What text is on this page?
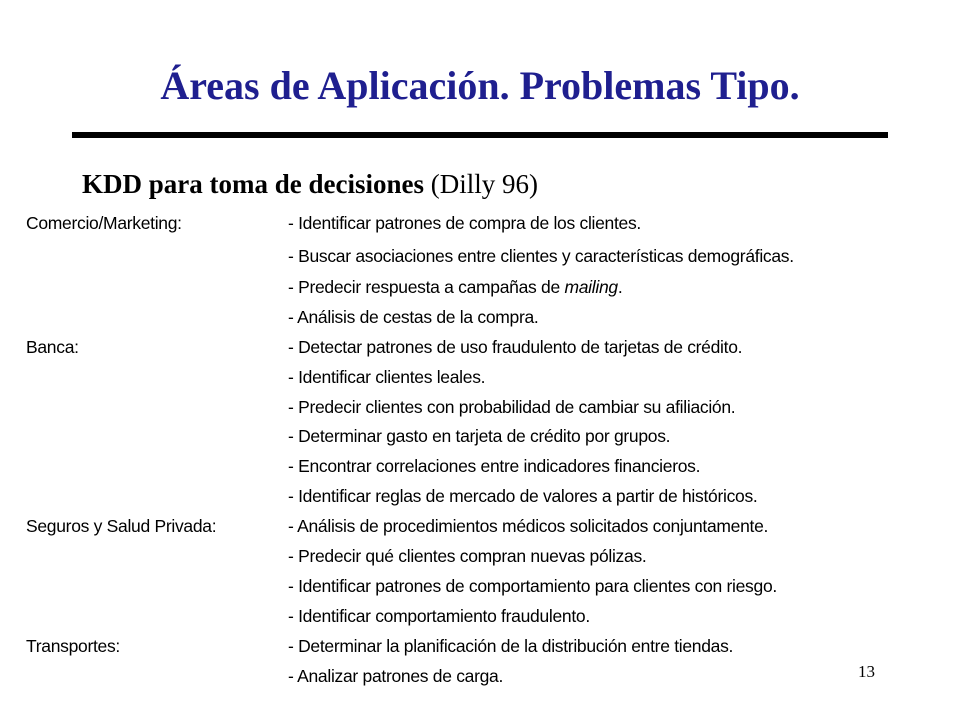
Áreas de Aplicación. Problemas Tipo.
KDD para toma de decisiones (Dilly 96)
Comercio/Marketing:	- Identificar patrones de compra de los clientes.
- Buscar asociaciones entre clientes y características demográficas.
- Predecir respuesta a campañas de mailing.
- Análisis de cestas de la compra.
Banca:	- Detectar patrones de uso fraudulento de tarjetas de crédito.
- Identificar clientes leales.
- Predecir clientes con probabilidad de cambiar su afiliación.
- Determinar gasto en tarjeta de crédito por grupos.
- Encontrar correlaciones entre indicadores financieros.
- Identificar reglas de mercado de valores a partir de históricos.
Seguros y Salud Privada:	- Análisis de procedimientos médicos solicitados conjuntamente.
- Predecir qué clientes compran nuevas pólizas.
- Identificar patrones de comportamiento para clientes con riesgo.
- Identificar comportamiento fraudulento.
Transportes:	- Determinar la planificación de la distribución entre tiendas.
- Analizar patrones de carga.	13
